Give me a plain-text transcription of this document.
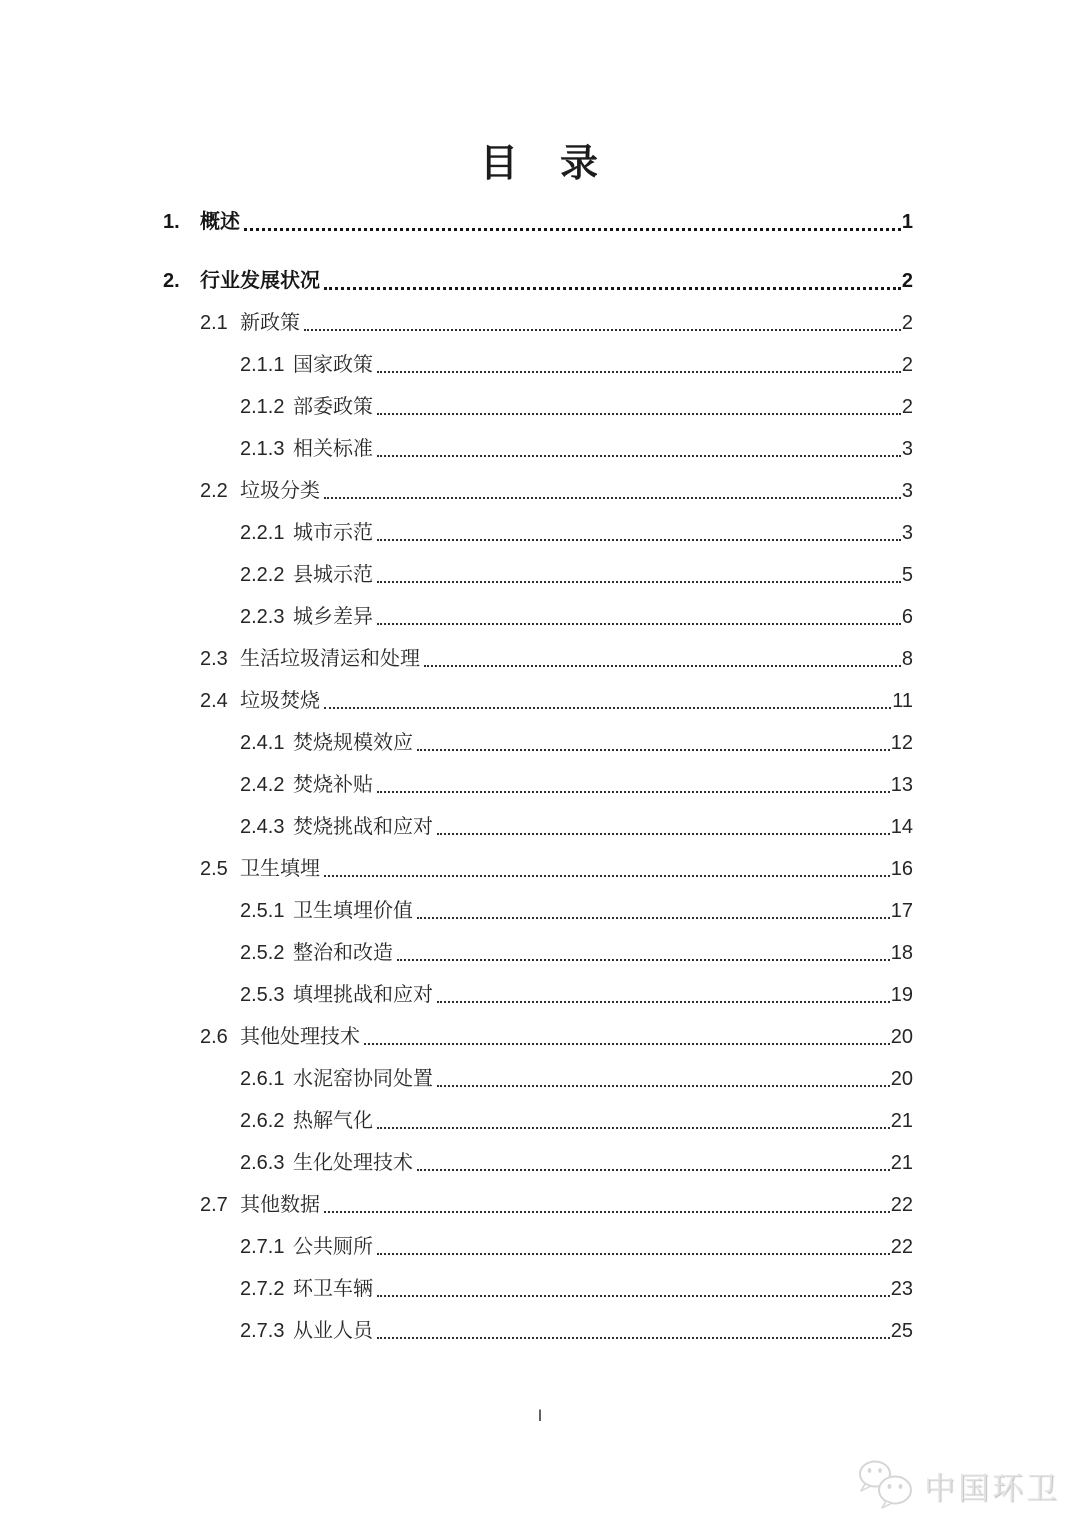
目　录
1.	概述	1
2.	行业发展状况	2
2.1 新政策	2
2.1.1 国家政策	2
2.1.2 部委政策	2
2.1.3 相关标准	3
2.2 垃圾分类	3
2.2.1 城市示范	3
2.2.2 县城示范	5
2.2.3 城乡差异	6
2.3 生活垃圾清运和处理	8
2.4 垃圾焚烧	11
2.4.1 焚烧规模效应	12
2.4.2 焚烧补贴	13
2.4.3 焚烧挑战和应对	14
2.5 卫生填埋	16
2.5.1 卫生填埋价值	17
2.5.2 整治和改造	18
2.5.3 填埋挑战和应对	19
2.6 其他处理技术	20
2.6.1 水泥窑协同处置	20
2.6.2 热解气化	21
2.6.3 生化处理技术	21
2.7 其他数据	22
2.7.1 公共厕所	22
2.7.2 环卫车辆	23
2.7.3 从业人员	25
I
中国环卫
